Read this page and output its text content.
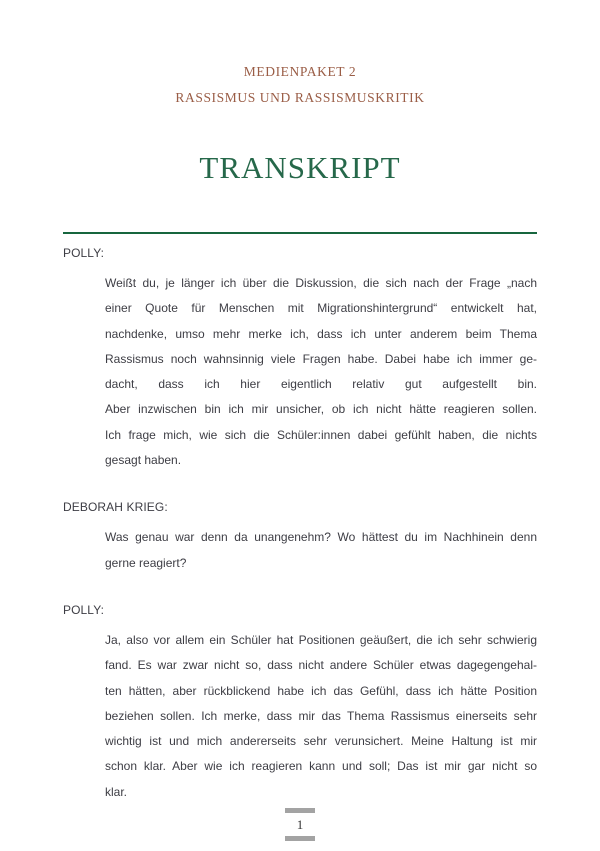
MEDIENPAKET 2
RASSISMUS UND RASSISMUSKRITIK
TRANSKRIPT
POLLY:
Weißt du, je länger ich über die Diskussion, die sich nach der Frage „nach
einer Quote für Menschen mit Migrationshintergrund“ entwickelt hat,
nachdenke, umso mehr merke ich, dass ich unter anderem beim Thema
Rassismus noch wahnsinnig viele Fragen habe. Dabei habe ich immer ge-
dacht, dass ich hier eigentlich relativ gut aufgestellt bin.
Aber inzwischen bin ich mir unsicher, ob ich nicht hätte reagieren sollen.
Ich frage mich, wie sich die Schüler:innen dabei gefühlt haben, die nichts
gesagt haben.
DEBORAH KRIEG:
Was genau war denn da unangenehm? Wo hättest du im Nachhinein denn
gerne reagiert?
POLLY:
Ja, also vor allem ein Schüler hat Positionen geäußert, die ich sehr schwierig
fand. Es war zwar nicht so, dass nicht andere Schüler etwas dagegengehal-
ten hätten, aber rückblickend habe ich das Gefühl, dass ich hätte Position
beziehen sollen. Ich merke, dass mir das Thema Rassismus einerseits sehr
wichtig ist und mich andererseits sehr verunsichert. Meine Haltung ist mir
schon klar. Aber wie ich reagieren kann und soll; Das ist mir gar nicht so
klar.
1
